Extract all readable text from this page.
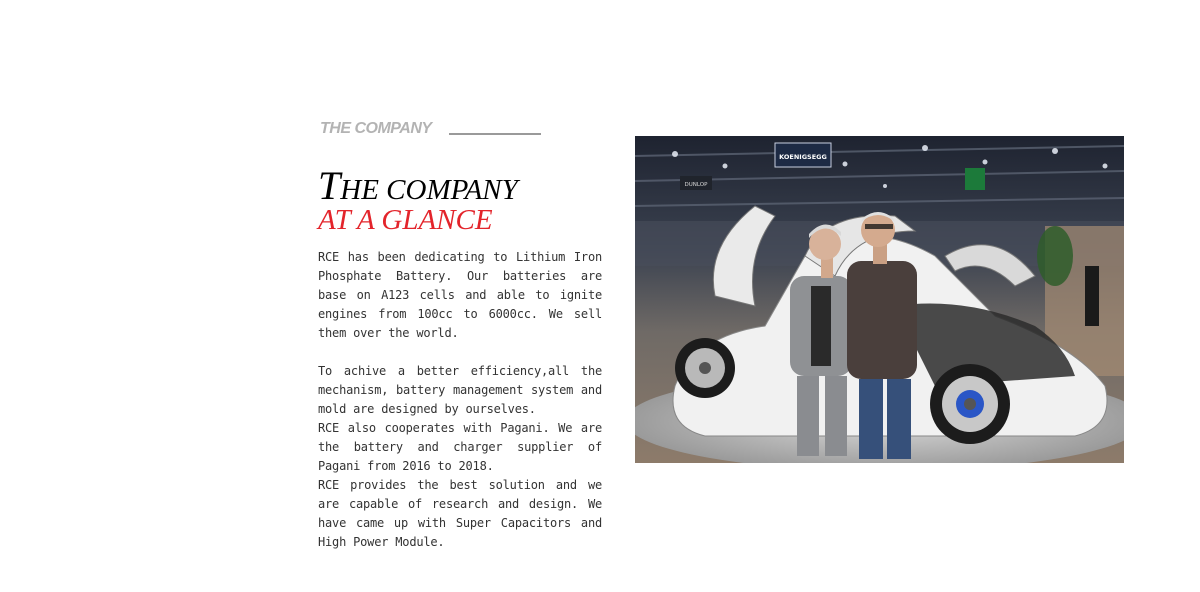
THE COMPANY
THE COMPANY
AT A GLANCE

RCE has been dedicating to Lithium Iron Phosphate Battery. Our batteries are base on A123 cells and able to ignite engines from 100cc to 6000cc. We sell them over the world.

To achive a better efficiency,all the mechanism, battery management system and mold are designed by ourselves.

RCE also cooperates with Pagani. We are the battery and charger supplier of Pagani from 2016 to 2018.

RCE provides the best solution and we are capable of research and design. We have came up with Super Capacitors and High Power Module.

KOENIGSEGG
DUNLOP
